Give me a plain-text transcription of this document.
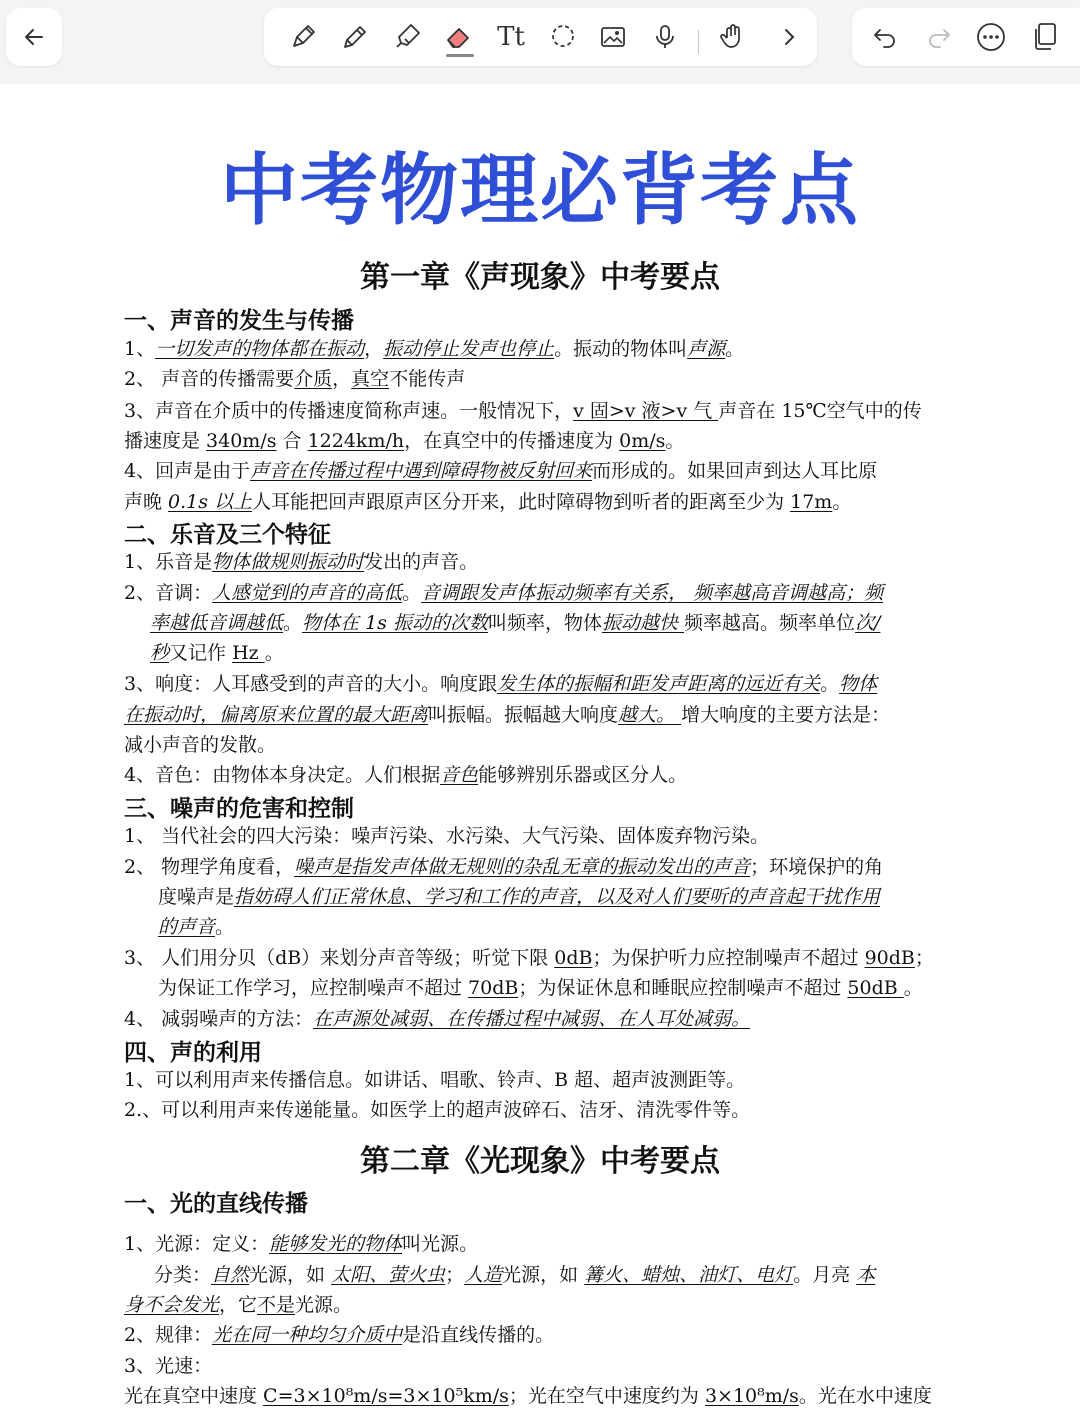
Tt
中考物理必背考点
第一章《声现象》中考要点
一、声音的发生与传播
1、一切发声的物体都在振动，振动停止发声也停止。振动的物体叫声源。
2、 声音的传播需要介质，真空不能传声
3、声音在介质中的传播速度简称声速。一般情况下，v 固>v 液>v 气 声音在 15℃空气中的传
播速度是 340m/s 合 1224km/h，在真空中的传播速度为 0m/s。
4、回声是由于声音在传播过程中遇到障碍物被反射回来而形成的。如果回声到达人耳比原
声晚 0.1s 以上人耳能把回声跟原声区分开来，此时障碍物到听者的距离至少为 17m。
二、乐音及三个特征
1、乐音是物体做规则振动时发出的声音。
2、音调：人感觉到的声音的高低。音调跟发声体振动频率有关系， 频率越高音调越高；频
率越低音调越低。物体在 1s 振动的次数叫频率，物体振动越快 频率越高。频率单位次/
秒又记作 Hz 。
3、响度：人耳感受到的声音的大小。响度跟发生体的振幅和距发声距离的远近有关。物体
在振动时，偏离原来位置的最大距离叫振幅。振幅越大响度越大。 增大响度的主要方法是：
减小声音的发散。
4、音色：由物体本身决定。人们根据音色能够辨别乐器或区分人。
三、噪声的危害和控制
1、 当代社会的四大污染：噪声污染、水污染、大气污染、固体废弃物污染。
2、 物理学角度看，噪声是指发声体做无规则的杂乱无章的振动发出的声音；环境保护的角
度噪声是指妨碍人们正常休息、学习和工作的声音，以及对人们要听的声音起干扰作用
的声音。
3、 人们用分贝（dB）来划分声音等级；听觉下限 0dB；为保护听力应控制噪声不超过 90dB；
为保证工作学习，应控制噪声不超过 70dB；为保证休息和睡眠应控制噪声不超过 50dB 。
4、 减弱噪声的方法：在声源处减弱、在传播过程中减弱、在人耳处减弱。
四、声的利用
1、可以利用声来传播信息。如讲话、唱歌、铃声、B 超、超声波测距等。
2.、可以利用声来传递能量。如医学上的超声波碎石、洁牙、清洗零件等。
第二章《光现象》中考要点
一、光的直线传播
1、光源：定义：能够发光的物体叫光源。
分类：自然光源，如 太阳、萤火虫；人造光源，如 篝火、蜡烛、油灯、电灯。月亮 本
身不会发光，它不是光源。
2、规律：光在同一种均匀介质中是沿直线传播的。
3、光速：
光在真空中速度 C=3×10⁸m/s=3×10⁵km/s；光在空气中速度约为 3×10⁸m/s。光在水中速度
